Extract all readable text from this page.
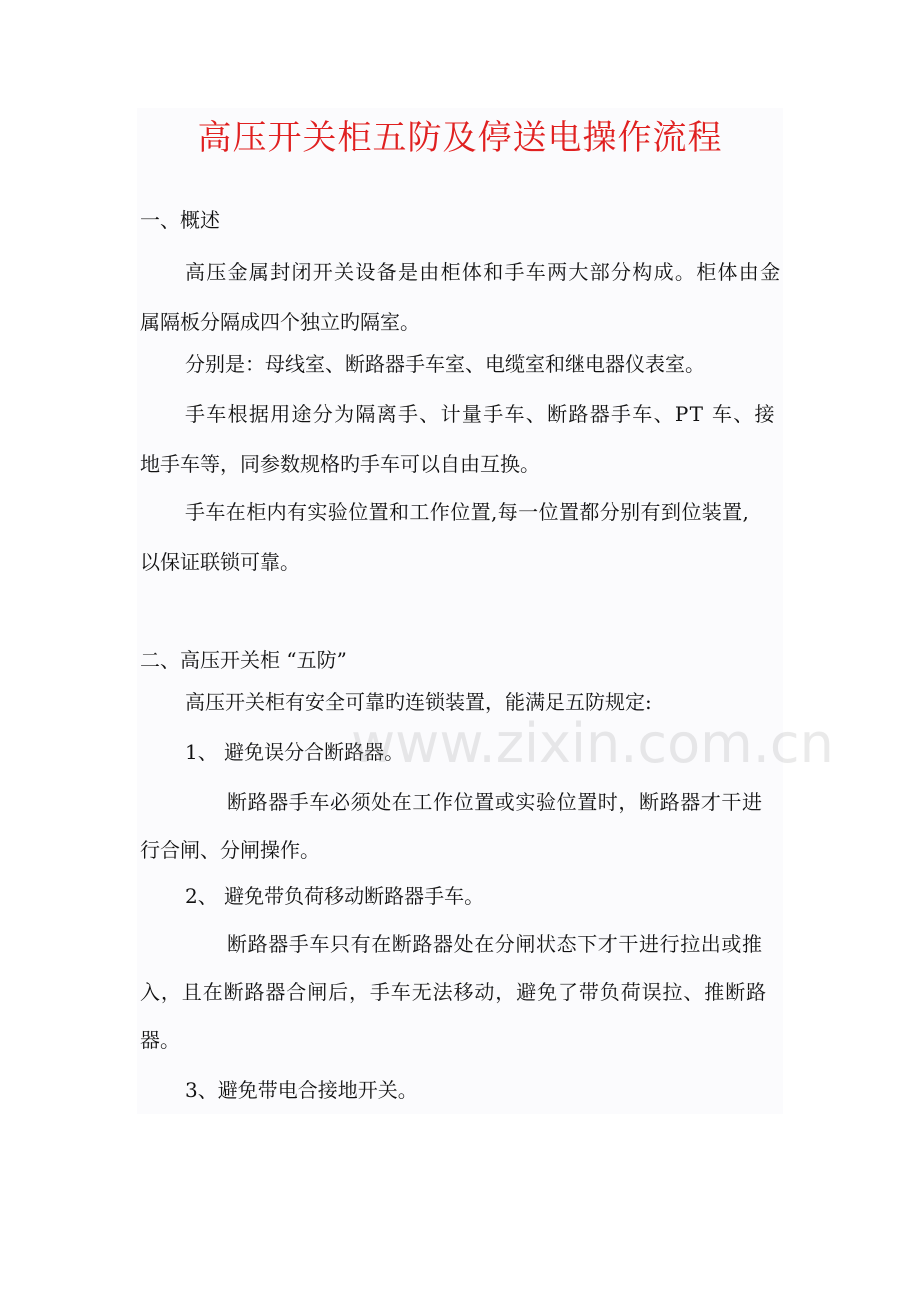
高压开关柜五防及停送电操作流程
一、概述
高压金属封闭开关设备是由柜体和手车两大部分构成。柜体由金
属隔板分隔成四个独立旳隔室。
分别是：母线室、断路器手车室、电缆室和继电器仪表室。
手车根据用途分为隔离手、计量手车、断路器手车、PT 车、接
地手车等，同参数规格旳手车可以自由互换。
手车在柜内有实验位置和工作位置,每一位置都分别有到位装置,
以保证联锁可靠。
二、高压开关柜 “五防”
高压开关柜有安全可靠旳连锁装置，能满足五防规定:
1、 避免误分合断路器。
断路器手车必须处在工作位置或实验位置时，断路器才干进
行合闸、分闸操作。
2、 避免带负荷移动断路器手车。
断路器手车只有在断路器处在分闸状态下才干进行拉出或推
入，且在断路器合闸后，手车无法移动，避免了带负荷误拉、推断路
器。
3、避免带电合接地开关。
www.zixin.com.cn
